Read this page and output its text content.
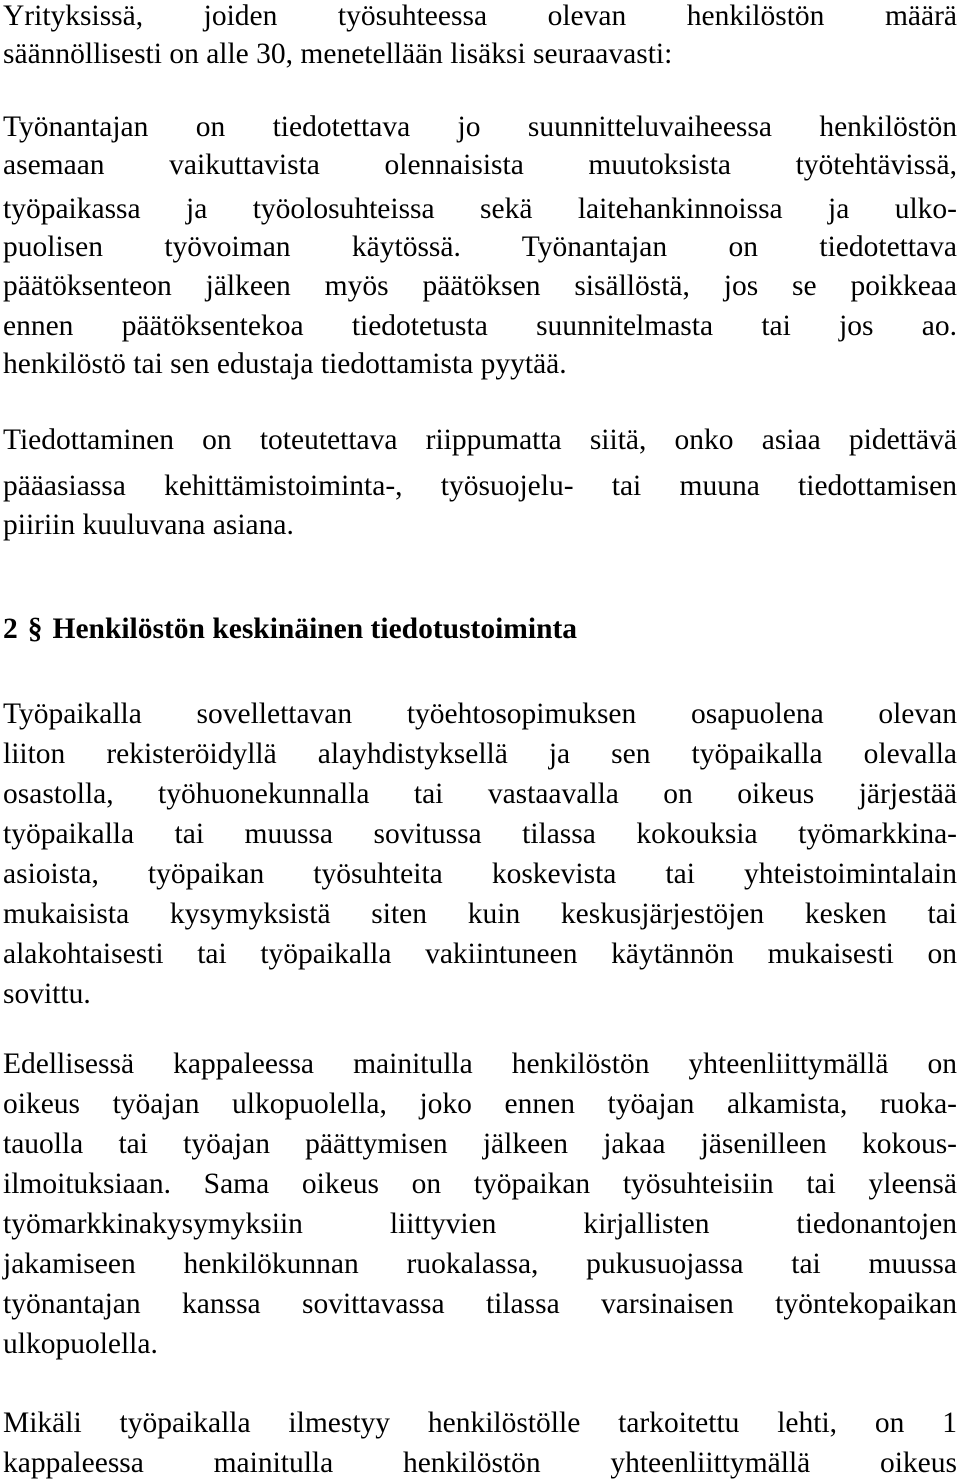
Yrityksissä, joiden työsuhteessa olevan henkilöstön määrä
säännöllisesti on alle 30, menetellään lisäksi seuraavasti:
Työnantajan on tiedotettava jo suunnitteluvaiheessa henkilöstön
asemaan vaikuttavista olennaisista muutoksista työtehtävissä,
työpaikassa ja työolosuhteissa sekä laitehankinnoissa ja ulko-
puolisen työvoiman käytössä. Työnantajan on tiedotettava
päätöksenteon jälkeen myös päätöksen sisällöstä, jos se poikkeaa
ennen päätöksentekoa tiedotetusta suunnitelmasta tai jos ao.
henkilöstö tai sen edustaja tiedottamista pyytää.
Tiedottaminen on toteutettava riippumatta siitä, onko asiaa pidettävä
pääasiassa kehittämistoiminta-, työsuojelu- tai muuna tiedottamisen
piiriin kuuluvana asiana.
2 § Henkilöstön keskinäinen tiedotustoiminta
Työpaikalla sovellettavan työehtosopimuksen osapuolena olevan
liiton rekisteröidyllä alayhdistyksellä ja sen työpaikalla olevalla
osastolla, työhuonekunnalla tai vastaavalla on oikeus järjestää
työpaikalla tai muussa sovitussa tilassa kokouksia työmarkkina-
asioista, työpaikan työsuhteita koskevista tai yhteistoimintalain
mukaisista kysymyksistä siten kuin keskusjärjestöjen kesken tai
alakohtaisesti tai työpaikalla vakiintuneen käytännön mukaisesti on
sovittu.
Edellisessä kappaleessa mainitulla henkilöstön yhteenliittymällä on
oikeus työajan ulkopuolella, joko ennen työajan alkamista, ruoka-
tauolla tai työajan päättymisen jälkeen jakaa jäsenilleen kokous-
ilmoituksiaan. Sama oikeus on työpaikan työsuhteisiin tai yleensä
työmarkkinakysymyksiin liittyvien kirjallisten tiedonantojen
jakamiseen henkilökunnan ruokalassa, pukusuojassa tai muussa
työnantajan kanssa sovittavassa tilassa varsinaisen työntekopaikan
ulkopuolella.
Mikäli työpaikalla ilmestyy henkilöstölle tarkoitettu lehti, on 1
kappaleessa mainitulla henkilöstön yhteenliittymällä oikeus
